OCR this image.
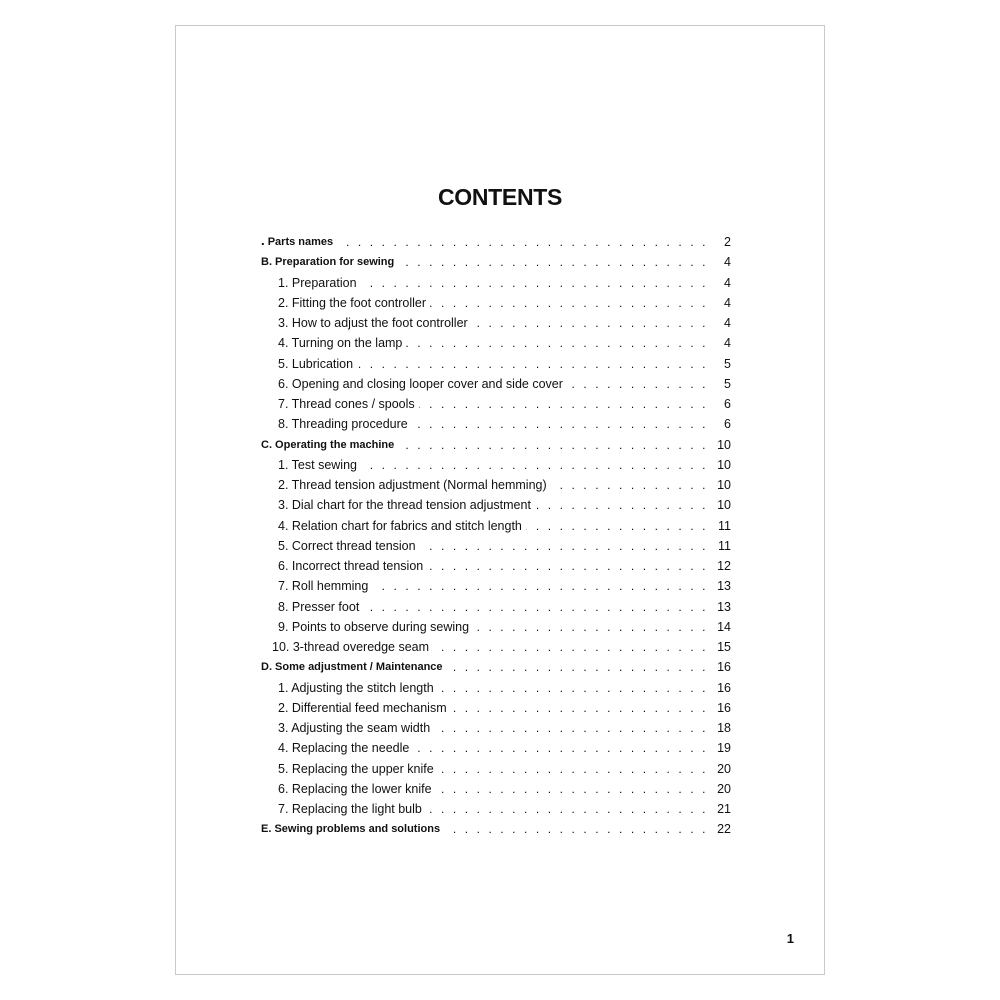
CONTENTS
․ Parts names . . .	2
B. Preparation for sewing . . .	4
1. Preparation . . .	4
2. Fitting the foot controller . . .	4
3. How to adjust the foot controller . . .	4
4. Turning on the lamp . . .	4
5. Lubrication . . .	5
6. Opening and closing looper cover and side cover . . .	5
7. Thread cones / spools . . .	6
8. Threading procedure . . .	6
C. Operating the machine . . .	10
1. Test sewing . . .	10
2. Thread tension adjustment (Normal hemming) . . .	10
3. Dial chart for the thread tension adjustment . . .	10
4. Relation chart for fabrics and stitch length . . .	11
5. Correct thread tension . . .	11
6. Incorrect thread tension . . .	12
7. Roll hemming . . .	13
8. Presser foot . . .	13
9. Points to observe during sewing . . .	14
10. 3-thread overedge seam . . .	15
D. Some adjustment / Maintenance . . .	16
1. Adjusting the stitch length . . .	16
2. Differential feed mechanism . . .	16
3. Adjusting the seam width . . .	18
4. Replacing the needle . . .	19
5. Replacing the upper knife . . .	20
6. Replacing the lower knife . . .	20
7. Replacing the light bulb . . .	21
E. Sewing problems and solutions . . .	22
1
